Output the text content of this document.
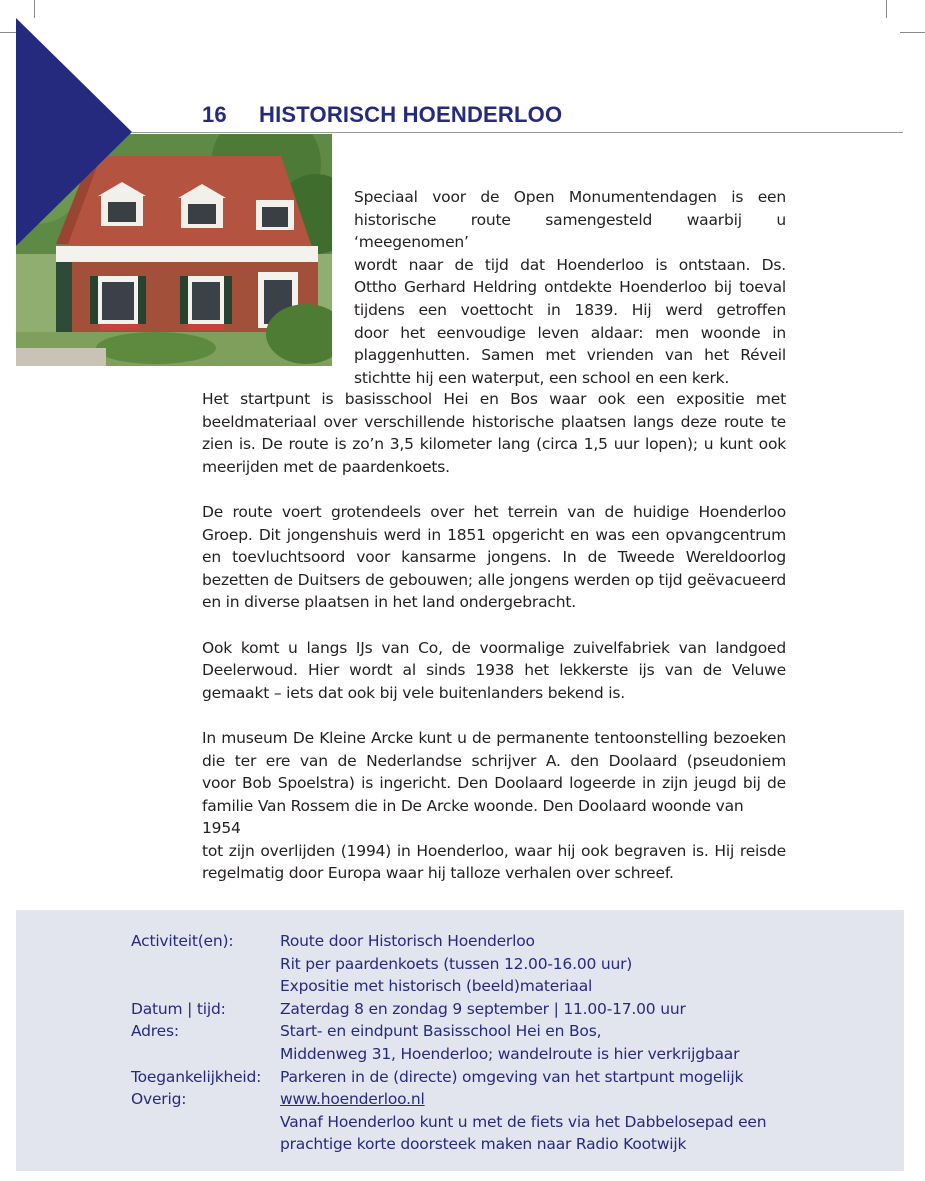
16 HISTORISCH HOENDERLOO
Speciaal voor de Open Monumentendagen is een
historische route samengesteld waarbij u ‘meegenomen’
wordt naar de tijd dat Hoenderloo is ontstaan. Ds.
Ottho Gerhard Heldring ontdekte Hoenderloo bij toeval
tijdens een voettocht in 1839. Hij werd getroffen
door het eenvoudige leven aldaar: men woonde in
plaggenhutten. Samen met vrienden van het Réveil
stichtte hij een waterput, een school en een kerk.

Het startpunt is basisschool Hei en Bos waar ook een expositie met
beeldmateriaal over verschillende historische plaatsen langs deze route te
zien is. De route is zo’n 3,5 kilometer lang (circa 1,5 uur lopen); u kunt ook
meerijden met de paardenkoets.

De route voert grotendeels over het terrein van de huidige Hoenderloo
Groep. Dit jongenshuis werd in 1851 opgericht en was een opvangcentrum
en toevluchtsoord voor kansarme jongens. In de Tweede Wereldoorlog
bezetten de Duitsers de gebouwen; alle jongens werden op tijd geëvacueerd
en in diverse plaatsen in het land ondergebracht.

Ook komt u langs IJs van Co, de voormalige zuivelfabriek van landgoed
Deelerwoud. Hier wordt al sinds 1938 het lekkerste ijs van de Veluwe
gemaakt – iets dat ook bij vele buitenlanders bekend is.

In museum De Kleine Arcke kunt u de permanente tentoonstelling bezoeken
die ter ere van de Nederlandse schrijver A. den Doolaard (pseudoniem
voor Bob Spoelstra) is ingericht. Den Doolaard logeerde in zijn jeugd bij de
familie Van Rossem die in De Arcke woonde. Den Doolaard woonde van 1954
tot zijn overlijden (1994) in Hoenderloo, waar hij ook begraven is. Hij reisde
regelmatig door Europa waar hij talloze verhalen over schreef.

Activiteit(en):	Route door Historisch Hoenderloo
Rit per paardenkoets (tussen 12.00-16.00 uur)
Expositie met historisch (beeld)materiaal
Datum | tijd:	Zaterdag 8 en zondag 9 september | 11.00-17.00 uur
Adres:	Start- en eindpunt Basisschool Hei en Bos,
Middenweg 31, Hoenderloo; wandelroute is hier verkrijgbaar
Toegankelijkheid:	Parkeren in de (directe) omgeving van het startpunt mogelijk
Overig:	www.hoenderloo.nl
Vanaf Hoenderloo kunt u met de fiets via het Dabbelosepad een
prachtige korte doorsteek maken naar Radio Kootwijk
